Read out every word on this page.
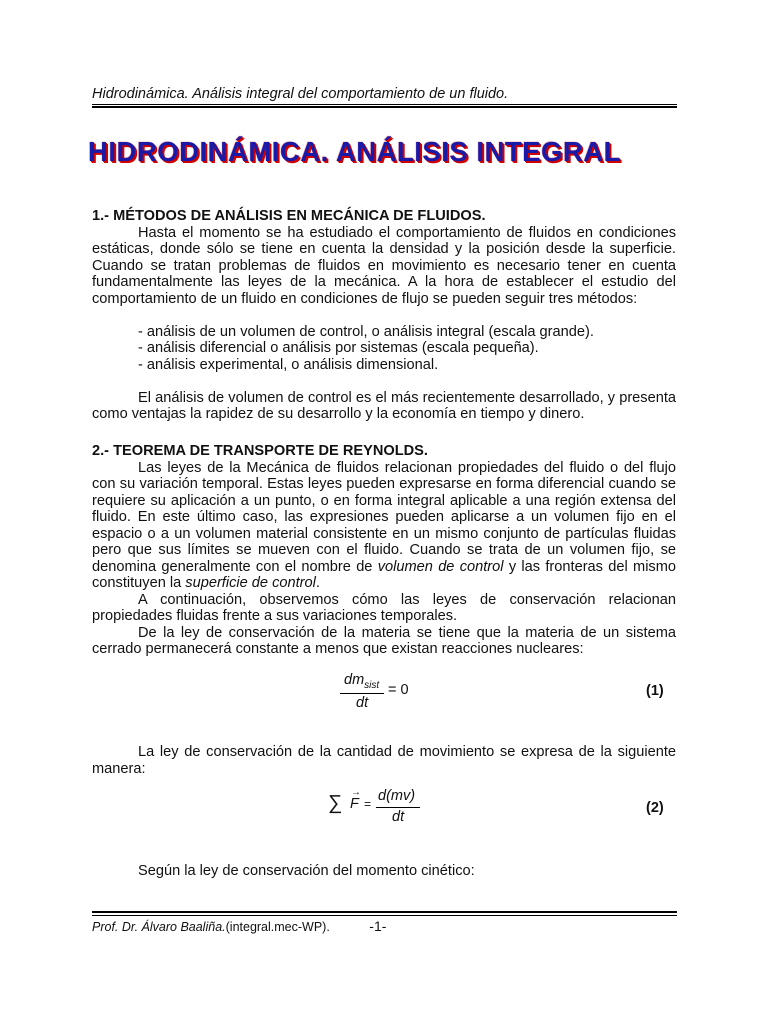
Hidrodinámica. Análisis integral del comportamiento de un fluido.
HIDRODINÁMICA. ANÁLISIS INTEGRAL

1.- MÉTODOS DE ANÁLISIS EN MECÁNICA DE FLUIDOS.

Hasta el momento se ha estudiado el comportamiento de fluidos en condiciones estáticas, donde sólo se tiene en cuenta la densidad y la posición desde la superficie. Cuando se tratan problemas de fluidos en movimiento es necesario tener en cuenta fundamentalmente las leyes de la mecánica. A la hora de establecer el estudio del comportamiento de un fluido en condiciones de flujo se pueden seguir tres métodos:

- análisis de un volumen de control, o análisis integral (escala grande).

- análisis diferencial o análisis por sistemas (escala pequeña).

- análisis experimental, o análisis dimensional.

El análisis de volumen de control es el más recientemente desarrollado, y presenta como ventajas la rapidez de su desarrollo y la economía en tiempo y dinero.

2.- TEOREMA DE TRANSPORTE DE REYNOLDS.

Las leyes de la Mecánica de fluidos relacionan propiedades del fluido o del flujo con su variación temporal. Estas leyes pueden expresarse en forma diferencial cuando se requiere su aplicación a un punto, o en forma integral aplicable a una región extensa del fluido. En este último caso, las expresiones pueden aplicarse a un volumen fijo en el espacio o a un volumen material consistente en un mismo conjunto de partículas fluidas pero que sus límites se mueven con el fluido. Cuando se trata de un volumen fijo, se denomina generalmente con el nombre de volumen de control y las fronteras del mismo constituyen la superficie de control.

A continuación, observemos cómo las leyes de conservación relacionan propiedades fluidas frente a sus variaciones temporales.

De la ley de conservación de la materia se tiene que la materia de un sistema cerrado permanecerá constante a menos que existan reacciones nucleares:

$dm_{sist}$
dt
= 0	(1)

La ley de conservación de la cantidad de movimiento se expresa de la siguiente manera:

∑ →
F = d(mv)
dt
(2)

Según la ley de conservación del momento cinético:

Prof. Dr. Álvaro Baaliña.(integral.mec-WP).	-1-
